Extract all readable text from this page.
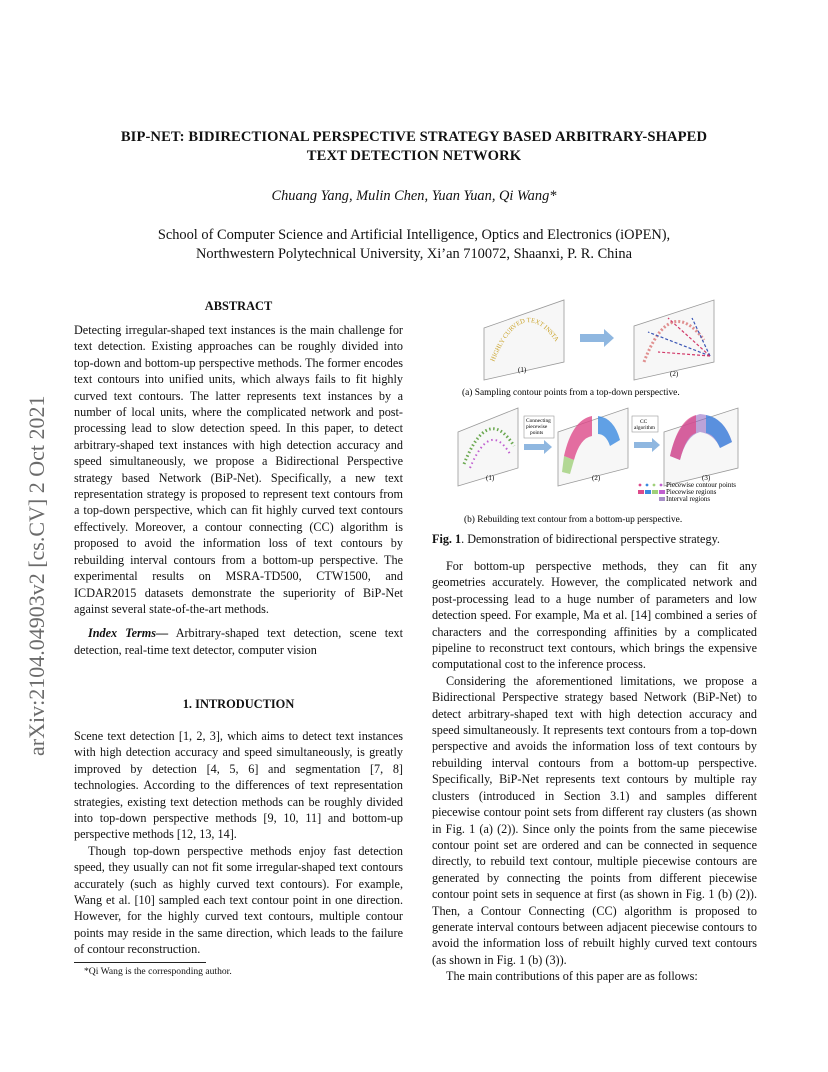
arXiv:2104.04903v2 [cs.CV] 2 Oct 2021
BIP-NET: BIDIRECTIONAL PERSPECTIVE STRATEGY BASED ARBITRARY-SHAPED
TEXT DETECTION NETWORK
Chuang Yang, Mulin Chen, Yuan Yuan, Qi Wang*
School of Computer Science and Artificial Intelligence, Optics and Electronics (iOPEN),
Northwestern Polytechnical University, Xi’an 710072, Shaanxi, P. R. China
ABSTRACT

Detecting irregular-shaped text instances is the main challenge for text detection. Existing approaches can be roughly divided into top-down and bottom-up perspective methods. The former encodes text contours into unified units, which always fails to fit highly curved text contours. The latter represents text instances by a number of local units, where the complicated network and post-processing lead to slow detection speed. In this paper, to detect arbitrary-shaped text instances with high detection accuracy and speed simultaneously, we propose a Bidirectional Perspective strategy based Network (BiP-Net). Specifically, a new text representation strategy is proposed to represent text contours from a top-down perspective, which can fit highly curved text contours effectively. Moreover, a contour connecting (CC) algorithm is proposed to avoid the information loss of text contours by rebuilding interval contours from a bottom-up perspective. The experimental results on MSRA-TD500, CTW1500, and ICDAR2015 datasets demonstrate the superiority of BiP-Net against several state-of-the-art methods.

Index Terms— Arbitrary-shaped text detection, scene text detection, real-time text detector, computer vision

1. INTRODUCTION

Scene text detection [1, 2, 3], which aims to detect text instances with high detection accuracy and speed simultaneously, is greatly improved by detection [4, 5, 6] and segmentation [7, 8] technologies. According to the differences of text representation strategies, existing text detection methods can be roughly divided into top-down perspective methods [9, 10, 11] and bottom-up perspective methods [12, 13, 14].

Though top-down perspective methods enjoy fast detection speed, they usually can not fit some irregular-shaped text contours accurately (such as highly curved text contours). For example, Wang et al. [10] sampled each text contour point in one direction. However, for the highly curved text contours, multiple contour points may reside in the same direction, which leads to the failure of contour reconstruction.

*Qi Wang is the corresponding author.
HIGHLY CURVED TEXT INSTA
(1)	(2)
(a) Sampling contour points from a top-down perspective.
(1)
Connecting piecewise points
(2)
CC algorithm
(3)
Piecewise contour points
Piecewise regions
Interval regions
(b) Rebuilding text contour from a bottom-up perspective.
Fig. 1. Demonstration of bidirectional perspective strategy.

For bottom-up perspective methods, they can fit any geometries accurately. However, the complicated network and post-processing lead to a huge number of parameters and low detection speed. For example, Ma et al. [14] combined a series of characters and the corresponding affinities by a complicated pipeline to reconstruct text contours, which brings the expensive computational cost to the inference process.

Considering the aforementioned limitations, we propose a Bidirectional Perspective strategy based Network (BiP-Net) to detect arbitrary-shaped text with high detection accuracy and speed simultaneously. It represents text contours from a top-down perspective and avoids the information loss of text contours by rebuilding interval contours from a bottom-up perspective. Specifically, BiP-Net represents text contours by multiple ray clusters (introduced in Section 3.1) and samples different piecewise contour point sets from different ray clusters (as shown in Fig. 1 (a) (2)). Since only the points from the same piecewise contour point set are ordered and can be connected in sequence directly, to rebuild text contour, multiple piecewise contours are generated by connecting the points from different piecewise contour point sets in sequence at first (as shown in Fig. 1 (b) (2)). Then, a Contour Connecting (CC) algorithm is proposed to generate interval contours between adjacent piecewise contours to avoid the information loss of rebuilt highly curved text contours (as shown in Fig. 1 (b) (3)).

The main contributions of this paper are as follows:
